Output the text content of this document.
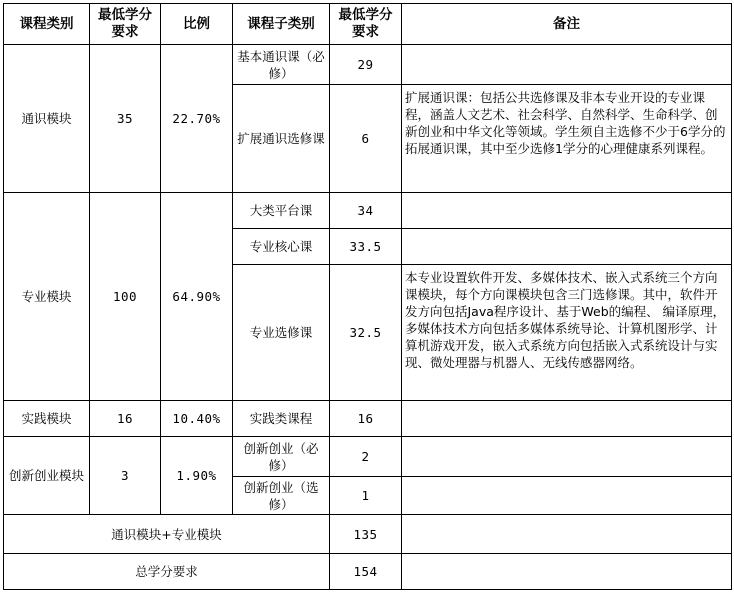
课程类别	最低学分要求	比例	课程子类别	最低学分要求	备注
通识模块	35	22.70%	基本通识课（必修）	29	
			扩展通识选修课	6	扩展通识课：包括公共选修课及非本专业开设的专业课程，涵盖人文艺术、社会科学、自然科学、生命科学、创新创业和中华文化等领域。学生须自主选修不少于6学分的拓展通识课，其中至少选修1学分的心理健康系列课程。
专业模块	100	64.90%	大类平台课	34	
			专业核心课	33.5	
			专业选修课	32.5	本专业设置软件开发、多媒体技术、嵌入式系统三个方向课模块，每个方向课模块包含三门选修课。其中，软件开发方向包括Java程序设计、基于Web的编程、 编译原理，多媒体技术方向包括多媒体系统导论、计算机图形学、计算机游戏开发，嵌入式系统方向包括嵌入式系统设计与实现、微处理器与机器人、无线传感器网络。
实践模块	16	10.40%	实践类课程	16	
创新创业模块	3	1.90%	创新创业（必修）	2	
			创新创业（选修）	1	
通识模块+专业模块				135	
总学分要求				154	
